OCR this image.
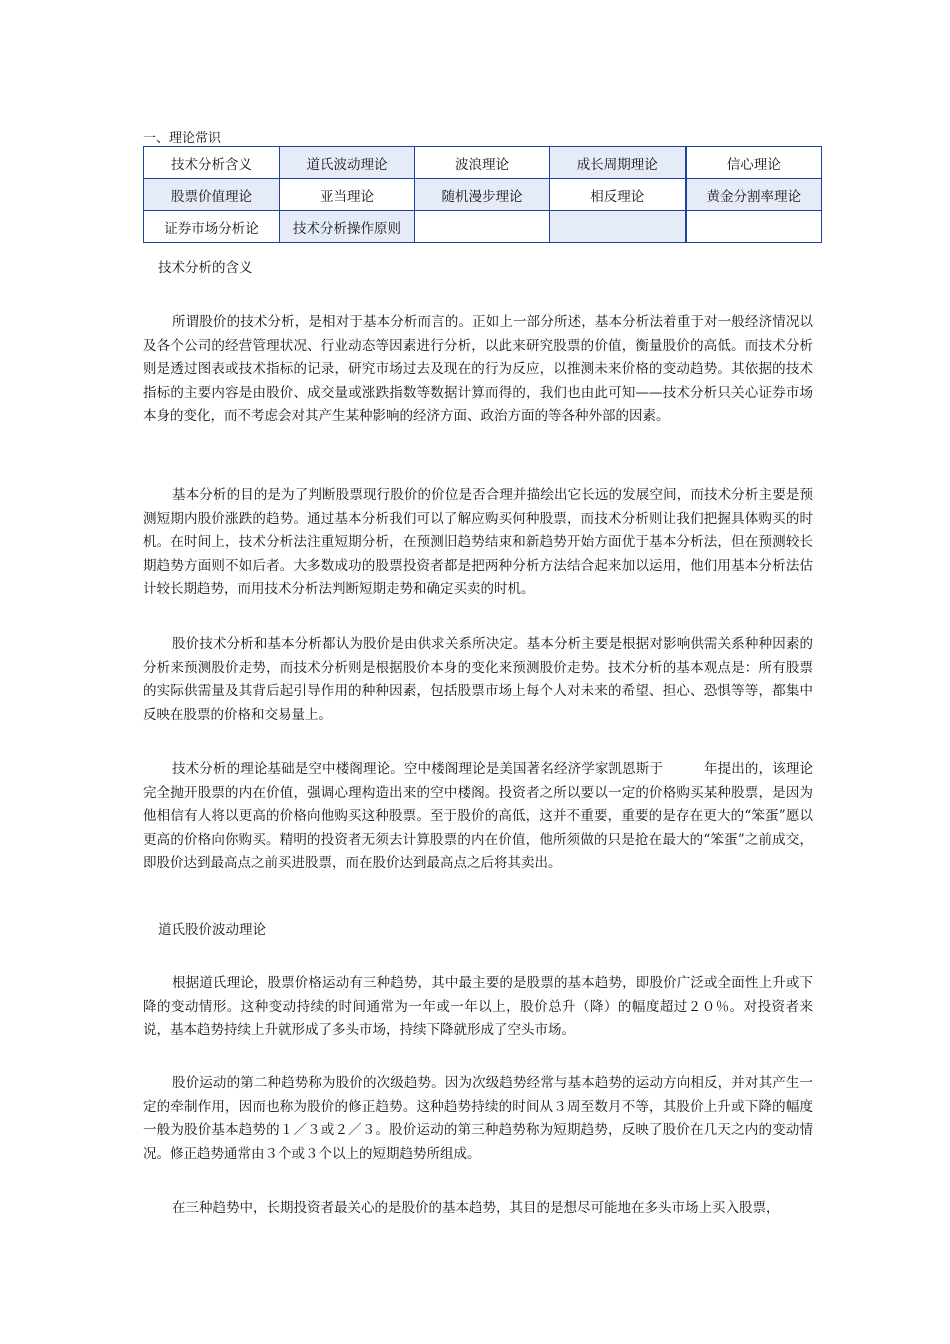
一、理论常识
技术分析含义	道氏波动理论	波浪理论	成长周期理论	信心理论
股票价值理论	亚当理论	随机漫步理论	相反理论	黄金分割率理论
证券市场分析论	技术分析操作原则			
技术分析的含义

所谓股价的技术分析，是相对于基本分析而言的。正如上一部分所述，基本分析法着重于对一般经济情况以及各个公司的经营管理状况、行业动态等因素进行分析，以此来研究股票的价值，衡量股价的高低。而技术分析则是透过图表或技术指标的记录，研究市场过去及现在的行为反应，以推测未来价格的变动趋势。其依据的技术指标的主要内容是由股价、成交量或涨跌指数等数据计算而得的，我们也由此可知——技术分析只关心证券市场本身的变化，而不考虑会对其产生某种影响的经济方面、政治方面的等各种外部的因素。

基本分析的目的是为了判断股票现行股价的价位是否合理并描绘出它长远的发展空间，而技术分析主要是预测短期内股价涨跌的趋势。通过基本分析我们可以了解应购买何种股票，而技术分析则让我们把握具体购买的时机。在时间上，技术分析法注重短期分析，在预测旧趋势结束和新趋势开始方面优于基本分析法，但在预测较长期趋势方面则不如后者。大多数成功的股票投资者都是把两种分析方法结合起来加以运用，他们用基本分析法估计较长期趋势，而用技术分析法判断短期走势和确定买卖的时机。

股价技术分析和基本分析都认为股价是由供求关系所决定。基本分析主要是根据对影响供需关系种种因素的分析来预测股价走势，而技术分析则是根据股价本身的变化来预测股价走势。技术分析的基本观点是：所有股票的实际供需量及其背后起引导作用的种种因素，包括股票市场上每个人对未来的希望、担心、恐惧等等，都集中反映在股票的价格和交易量上。

技术分析的理论基础是空中楼阁理论。空中楼阁理论是美国著名经济学家凯恩斯于　　　年提出的，该理论完全抛开股票的内在价值，强调心理构造出来的空中楼阁。投资者之所以要以一定的价格购买某种股票，是因为他相信有人将以更高的价格向他购买这种股票。至于股价的高低，这并不重要，重要的是存在更大的“笨蛋”愿以更高的价格向你购买。精明的投资者无须去计算股票的内在价值，他所须做的只是抢在最大的“笨蛋”之前成交，即股价达到最高点之前买进股票，而在股价达到最高点之后将其卖出。

道氏股价波动理论

根据道氏理论，股票价格运动有三种趋势，其中最主要的是股票的基本趋势，即股价广泛或全面性上升或下降的变动情形。这种变动持续的时间通常为一年或一年以上，股价总升（降）的幅度超过２０％。对投资者来说，基本趋势持续上升就形成了多头市场，持续下降就形成了空头市场。

股价运动的第二种趋势称为股价的次级趋势。因为次级趋势经常与基本趋势的运动方向相反，并对其产生一定的牵制作用，因而也称为股价的修正趋势。这种趋势持续的时间从３周至数月不等，其股价上升或下降的幅度一般为股价基本趋势的１／３或２／３。股价运动的第三种趋势称为短期趋势，反映了股价在几天之内的变动情况。修正趋势通常由３个或３个以上的短期趋势所组成。

在三种趋势中，长期投资者最关心的是股价的基本趋势，其目的是想尽可能地在多头市场上买入股票，
